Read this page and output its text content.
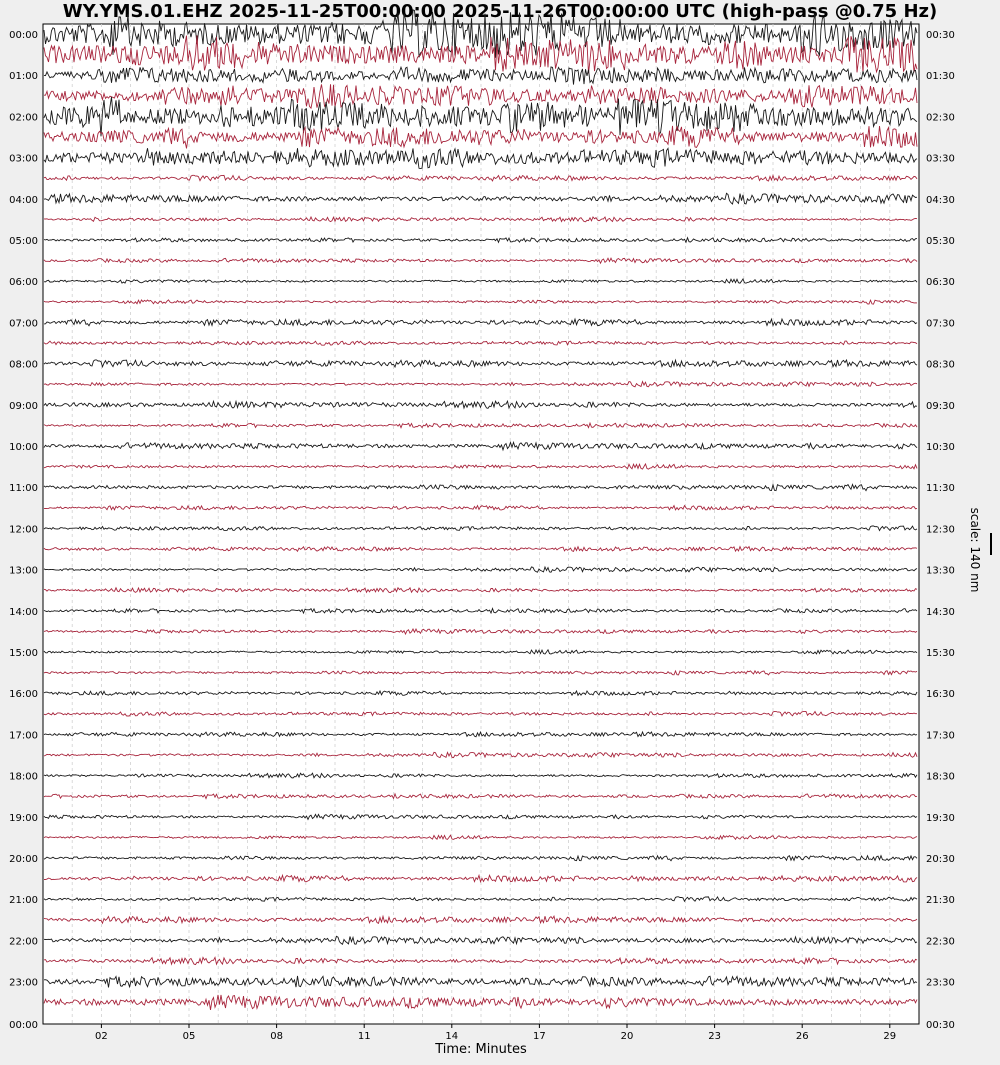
WY.YMS.01.EHZ 2025-11-25T00:00:00 2025-11-26T00:00:00 UTC (high-pass @0.75 Hz)
00:00
01:00
02:00
03:00
04:00
05:00
06:00
07:00
08:00
09:00
10:00
11:00
12:00
13:00
14:00
15:00
16:00
17:00
18:00
19:00
20:00
21:00
22:00
23:00
00:00
00:30
01:30
02:30
03:30
04:30
05:30
06:30
07:30
08:30
09:30
10:30
11:30
12:30
13:30
14:30
15:30
16:30
17:30
18:30
19:30
20:30
21:30
22:30
23:30
00:30
02	05	08	11	14	17	20	23	26	29
scale: 140 nm
Time: Minutes
